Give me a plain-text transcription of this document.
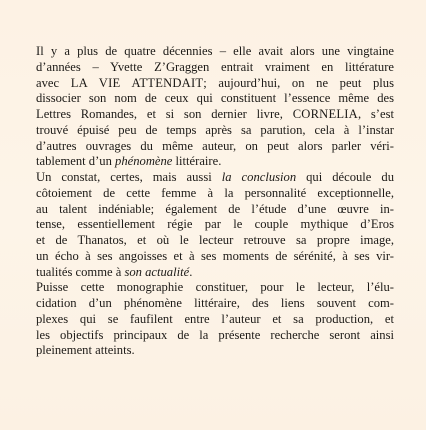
Il y a plus de quatre décennies – elle avait alors une vingtaine
d’années – Yvette Z’Graggen entrait vraiment en littérature
avec LA VIE ATTENDAIT; aujourd’hui, on ne peut plus
dissocier son nom de ceux qui constituent l’essence même des
Lettres Romandes, et si son dernier livre, CORNELIA, s’est
trouvé épuisé peu de temps après sa parution, cela à l’instar
d’autres ouvrages du même auteur, on peut alors parler véri-
tablement d’un phénomène littéraire.
Un constat, certes, mais aussi la conclusion qui découle du
côtoiement de cette femme à la personnalité exceptionnelle,
au talent indéniable; également de l’étude d’une œuvre in-
tense, essentiellement régie par le couple mythique d’Eros
et de Thanatos, et où le lecteur retrouve sa propre image,
un écho à ses angoisses et à ses moments de sérénité, à ses vir-
tualités comme à son actualité.
Puisse cette monographie constituer, pour le lecteur, l’élu-
cidation d’un phénomène littéraire, des liens souvent com-
plexes qui se faufilent entre l’auteur et sa production, et
les objectifs principaux de la présente recherche seront ainsi
pleinement atteints.
